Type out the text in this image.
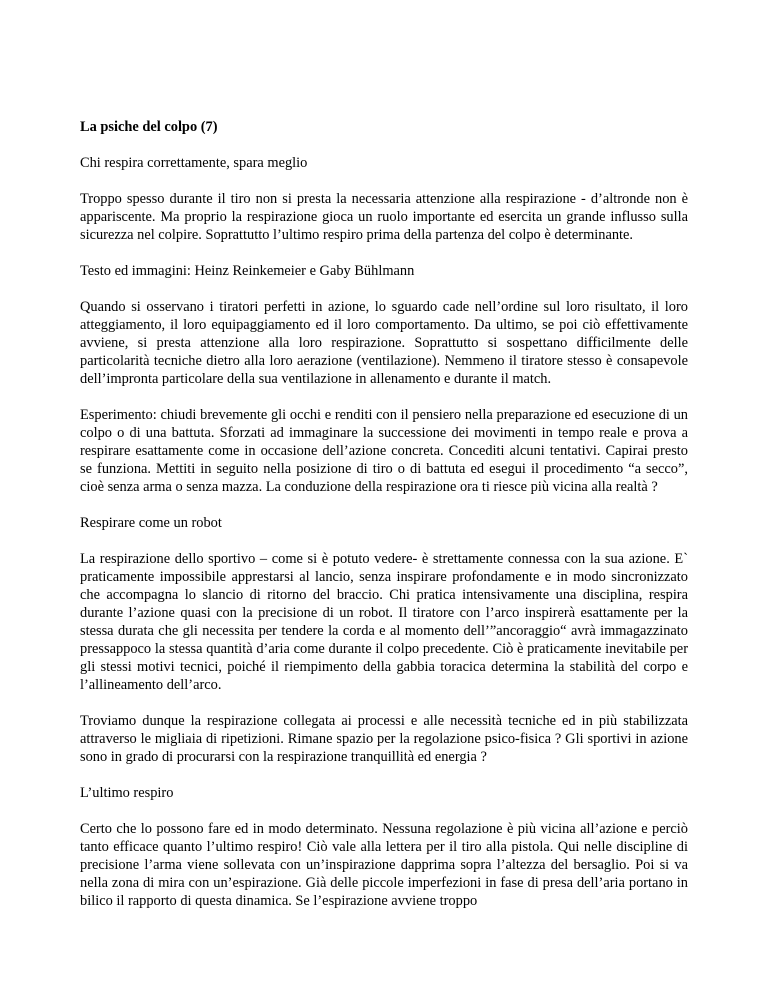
La psiche del colpo (7)

Chi respira correttamente, spara meglio

Troppo spesso durante il tiro non si presta la necessaria attenzione alla respirazione - d’altronde non è appariscente. Ma proprio la respirazione gioca un ruolo importante ed esercita un grande influsso sulla sicurezza nel colpire. Soprattutto l’ultimo respiro prima della partenza del colpo è determinante.

Testo ed immagini: Heinz Reinkemeier e Gaby Bühlmann

Quando si osservano i tiratori perfetti in azione, lo sguardo cade nell’ordine sul loro risultato, il loro atteggiamento, il loro equipaggiamento ed il loro comportamento. Da ultimo, se poi ciò effettivamente avviene, si presta attenzione alla loro respirazione. Soprattutto si sospettano difficilmente delle particolarità tecniche dietro alla loro aerazione (ventilazione). Nemmeno il tiratore stesso è consapevole dell’impronta particolare della sua ventilazione in allenamento e durante il match.

Esperimento: chiudi brevemente gli occhi e renditi con il pensiero nella preparazione ed esecuzione di un colpo o di una battuta. Sforzati ad immaginare la successione dei movimenti in tempo reale e prova a respirare esattamente come in occasione dell’azione concreta. Concediti alcuni tentativi. Capirai presto se funziona. Mettiti in seguito nella posizione di tiro o di battuta ed esegui il procedimento “a secco”, cioè senza arma o senza mazza. La conduzione della respirazione ora ti riesce più vicina alla realtà ?

Respirare come un robot

La respirazione dello sportivo – come si è potuto vedere- è strettamente connessa con la sua azione. E` praticamente impossibile apprestarsi al lancio, senza inspirare profondamente e in modo sincronizzato che accompagna lo slancio di ritorno del braccio. Chi pratica intensivamente una disciplina, respira durante l’azione quasi con la precisione di un robot. Il tiratore con l’arco inspirerà esattamente per la stessa durata che gli necessita per tendere la corda e al momento dell’”ancoraggio“ avrà immagazzinato pressappoco la stessa quantità d’aria come durante il colpo precedente. Ciò è praticamente inevitabile per gli stessi motivi tecnici, poiché il riempimento della gabbia toracica determina la stabilità del corpo e l’allineamento dell’arco.

Troviamo dunque la respirazione collegata ai processi e alle necessità tecniche ed in più stabilizzata attraverso le migliaia di ripetizioni. Rimane spazio per la regolazione psico-fisica ? Gli sportivi in azione sono in grado di procurarsi con la respirazione tranquillità ed energia ?

L’ultimo respiro

Certo che lo possono fare ed in modo determinato. Nessuna regolazione è più vicina all’azione e perciò tanto efficace quanto l’ultimo respiro! Ciò vale alla lettera per il tiro alla pistola. Qui nelle discipline di precisione l’arma viene sollevata con un’inspirazione dapprima sopra l’altezza del bersaglio. Poi si va nella zona di mira con un’espirazione. Già delle piccole imperfezioni in fase di presa dell’aria portano in bilico il rapporto di questa dinamica. Se l’espirazione avviene troppo
